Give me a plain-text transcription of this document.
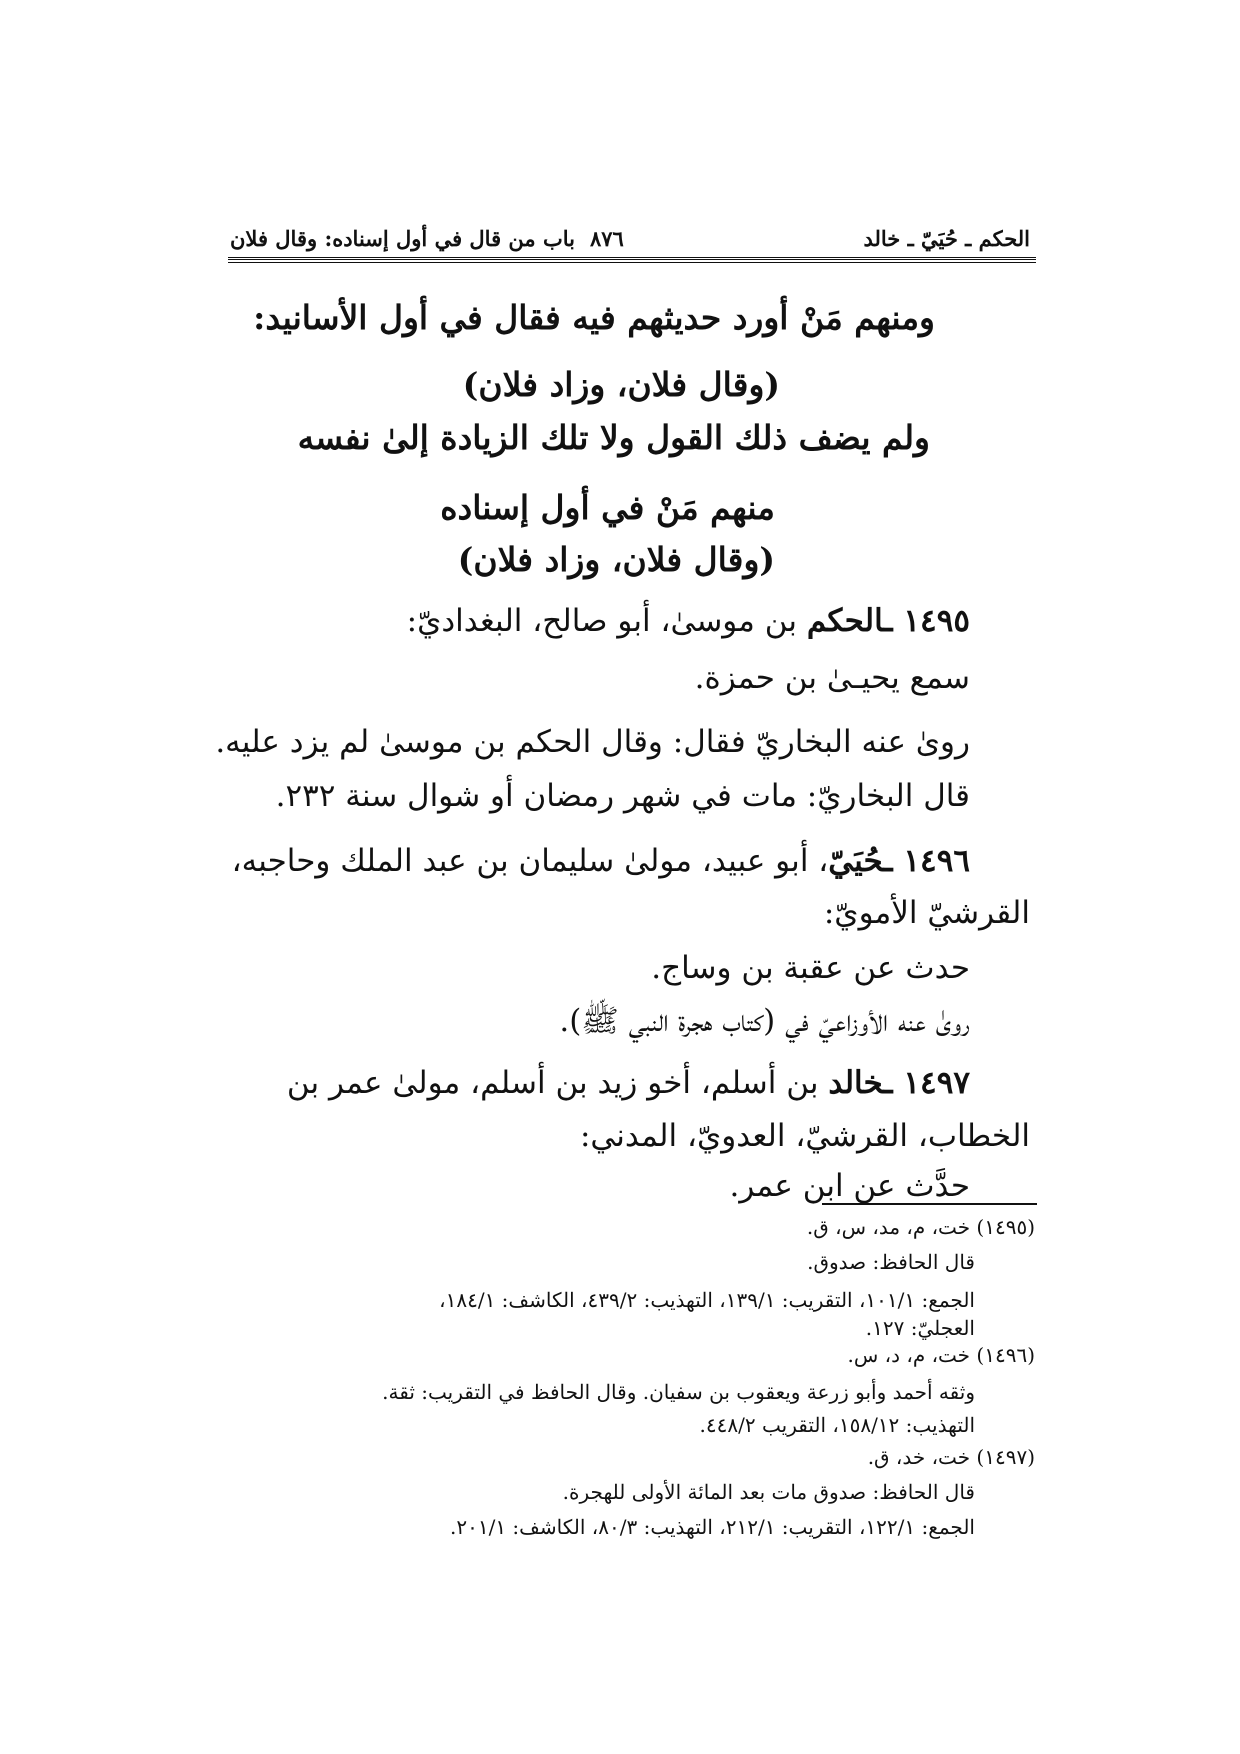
الحكم ـ حُيَيّ ـ خالد
٨٧٦
باب من قال في أول إسناده: وقال فلان
ومنهم مَنْ أورد حديثهم فيه فقال في أول الأسانيد:
(وقال فلان، وزاد فلان)
ولم يضف ذلك القول ولا تلك الزيادة إلىٰ نفسه
منهم مَنْ في أول إسناده
(وقال فلان، وزاد فلان)
١٤٩٥ ـالحكم بن موسىٰ، أبو صالح، البغداديّ:
سمع يحيـىٰ بن حمزة.
روىٰ عنه البخاريّ فقال: وقال الحكم بن موسىٰ لم يزد عليه.
قال البخاريّ: مات في شهر رمضان أو شوال سنة ٢٣٢.
١٤٩٦ ـحُيَيّ، أبو عبيد، مولىٰ سليمان بن عبد الملك وحاجبه،
القرشيّ الأمويّ:
حدث عن عقبة بن وساج.
روىٰ عنه الأوزاعيّ في (كتاب هجرة النبي ﷺ).
١٤٩٧ ـخالد بن أسلم، أخو زيد بن أسلم، مولىٰ عمر بن
الخطاب، القرشيّ، العدويّ، المدني:
حدَّث عن ابن عمر.
(١٤٩٥) خت، م، مد، س، ق.
قال الحافظ: صدوق.
الجمع: ١٠١/١، التقريب: ١٣٩/١، التهذيب: ٤٣٩/٢، الكاشف: ١٨٤/١،
العجليّ: ١٢٧.
(١٤٩٦) خت، م، د، س.
وثقه أحمد وأبو زرعة ويعقوب بن سفيان. وقال الحافظ في التقريب: ثقة.
التهذيب: ١٥٨/١٢، التقريب ٤٤٨/٢.
(١٤٩٧) خت، خد، ق.
قال الحافظ: صدوق مات بعد المائة الأولى للهجرة.
الجمع: ١٢٢/١، التقريب: ٢١٢/١، التهذيب: ٨٠/٣، الكاشف: ٢٠١/١.
